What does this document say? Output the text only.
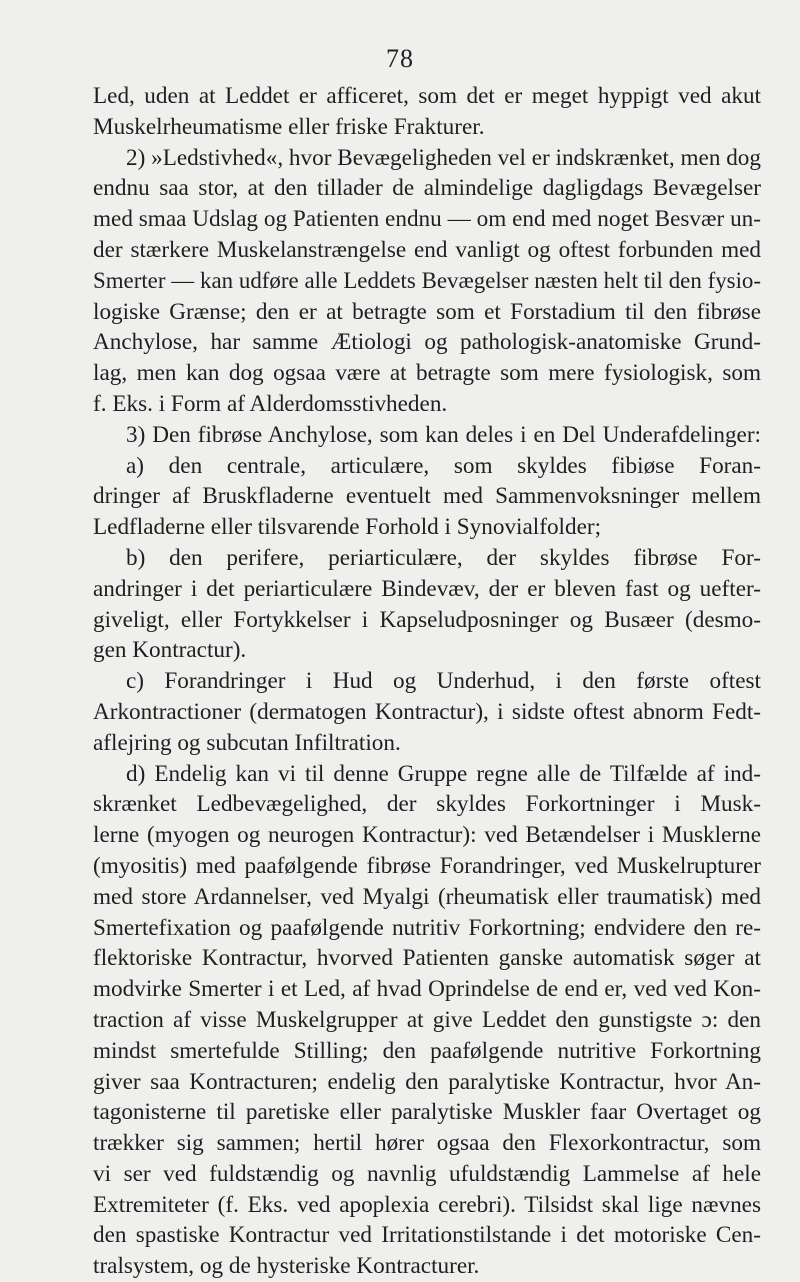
78
Led, uden at Leddet er afficeret, som det er meget hyppigt ved akut
Muskelrheumatisme eller friske Frakturer.
2) »Ledstivhed«, hvor Bevægeligheden vel er indskrænket, men dog
endnu saa stor, at den tillader de almindelige dagligdags Bevægelser
med smaa Udslag og Patienten endnu — om end med noget Besvær un-
der stærkere Muskelanstrængelse end vanligt og oftest forbunden med
Smerter — kan udføre alle Leddets Bevægelser næsten helt til den fysio-
logiske Grænse; den er at betragte som et Forstadium til den fibrøse
Anchylose, har samme Ætiologi og pathologisk-anatomiske Grund-
lag, men kan dog ogsaa være at betragte som mere fysiologisk, som
f. Eks. i Form af Alderdomsstivheden.
3) Den fibrøse Anchylose, som kan deles i en Del Underafdelinger:
a) den centrale, articulære, som skyldes fibiøse Foran-
dringer af Bruskfladerne eventuelt med Sammenvoksninger mellem
Ledfladerne eller tilsvarende Forhold i Synovialfolder;
b) den perifere, periarticulære, der skyldes fibrøse For-
andringer i det periarticulære Bindevæv, der er bleven fast og uefter-
giveligt, eller Fortykkelser i Kapseludposninger og Busæer (desmo-
gen Kontractur).
c) Forandringer i Hud og Underhud, i den første oftest
Arkontractioner (dermatogen Kontractur), i sidste oftest abnorm Fedt-
aflejring og subcutan Infiltration.
d) Endelig kan vi til denne Gruppe regne alle de Tilfælde af ind-
skrænket Ledbevægelighed, der skyldes Forkortninger i Musk-
lerne (myogen og neurogen Kontractur): ved Betændelser i Musklerne
(myositis) med paafølgende fibrøse Forandringer, ved Muskelrupturer
med store Ardannelser, ved Myalgi (rheumatisk eller traumatisk) med
Smertefixation og paafølgende nutritiv Forkortning; endvidere den re-
flektoriske Kontractur, hvorved Patienten ganske automatisk søger at
modvirke Smerter i et Led, af hvad Oprindelse de end er, ved ved Kon-
traction af visse Muskelgrupper at give Leddet den gunstigste ɔ: den
mindst smertefulde Stilling; den paafølgende nutritive Forkortning
giver saa Kontracturen; endelig den paralytiske Kontractur, hvor An-
tagonisterne til paretiske eller paralytiske Muskler faar Overtaget og
trækker sig sammen; hertil hører ogsaa den Flexorkontractur, som
vi ser ved fuldstændig og navnlig ufuldstændig Lammelse af hele
Extremiteter (f. Eks. ved apoplexia cerebri). Tilsidst skal lige nævnes
den spastiske Kontractur ved Irritationstilstande i det motoriske Cen-
tralsystem, og de hysteriske Kontracturer.
